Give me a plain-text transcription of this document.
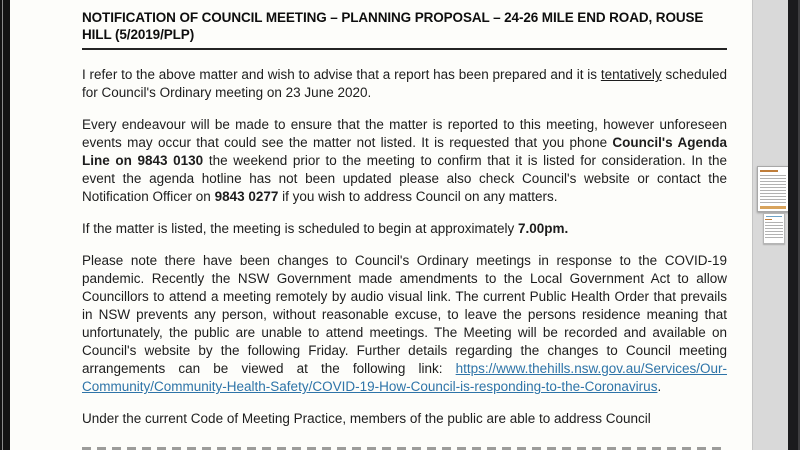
NOTIFICATION OF COUNCIL MEETING – PLANNING PROPOSAL – 24-26 MILE END ROAD, ROUSE HILL (5/2019/PLP)

I refer to the above matter and wish to advise that a report has been prepared and it is tentatively scheduled for Council's Ordinary meeting on 23 June 2020.

Every endeavour will be made to ensure that the matter is reported to this meeting, however unforeseen events may occur that could see the matter not listed. It is requested that you phone Council's Agenda Line on 9843 0130 the weekend prior to the meeting to confirm that it is listed for consideration. In the event the agenda hotline has not been updated please also check Council's website or contact the Notification Officer on 9843 0277 if you wish to address Council on any matters.

If the matter is listed, the meeting is scheduled to begin at approximately 7.00pm.

Please note there have been changes to Council's Ordinary meetings in response to the COVID-19 pandemic. Recently the NSW Government made amendments to the Local Government Act to allow Councillors to attend a meeting remotely by audio visual link. The current Public Health Order that prevails in NSW prevents any person, without reasonable excuse, to leave the persons residence meaning that unfortunately, the public are unable to attend meetings. The Meeting will be recorded and available on Council's website by the following Friday. Further details regarding the changes to Council meeting arrangements can be viewed at the following link: https://www.thehills.nsw.gov.au/Services/Our-Community/Community-Health-Safety/COVID-19-How-Council-is-responding-to-the-Coronavirus.

Under the current Code of Meeting Practice, members of the public are able to address Council
